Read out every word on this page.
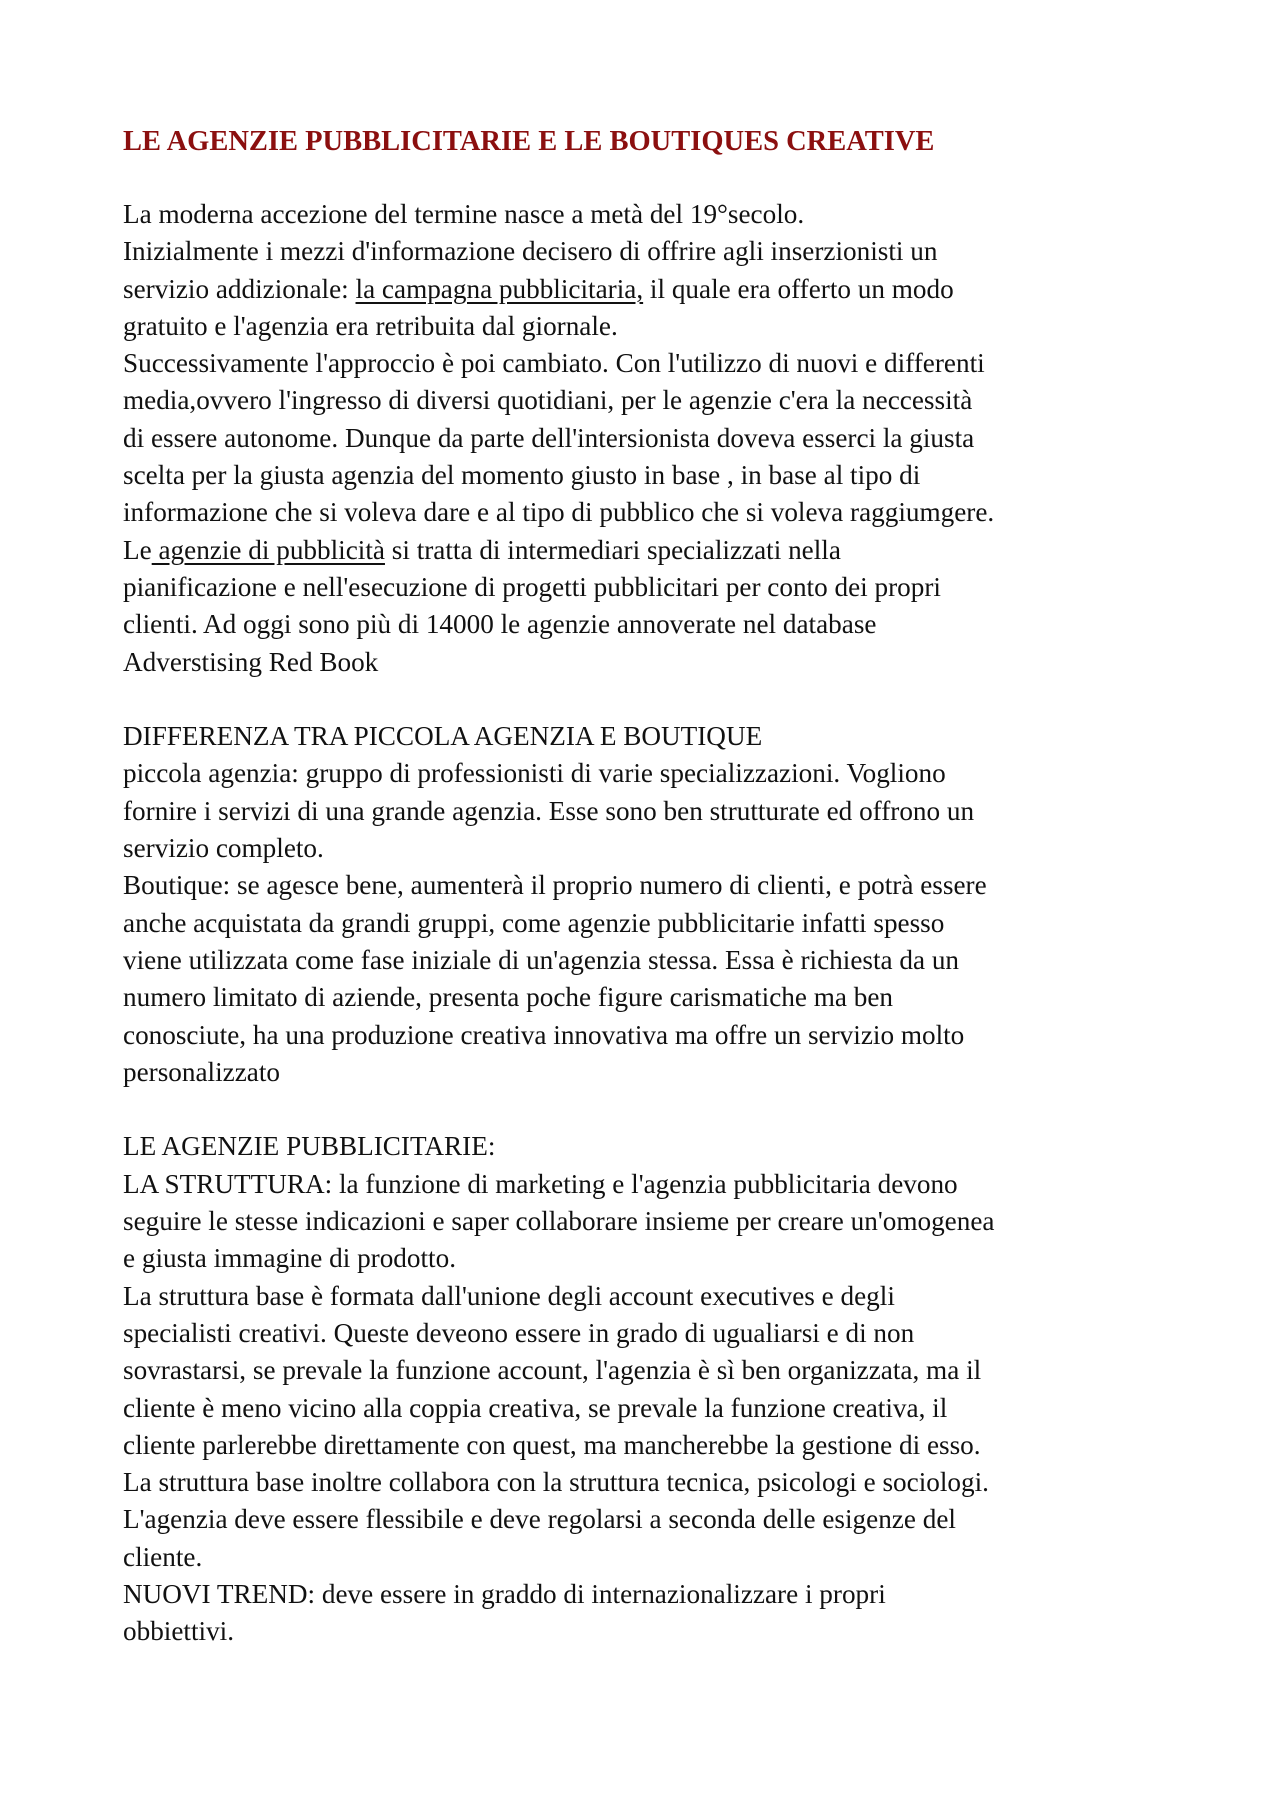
LE AGENZIE PUBBLICITARIE E LE BOUTIQUES CREATIVE

La moderna accezione del termine nasce a metà del 19°secolo.

Inizialmente i mezzi d'informazione decisero di offrire agli inserzionisti un

servizio addizionale: la campagna pubblicitaria, il quale era offerto un modo

gratuito e l'agenzia era retribuita dal giornale.

Successivamente l'approccio è poi cambiato. Con l'utilizzo di nuovi e differenti

media,ovvero l'ingresso di diversi quotidiani, per le agenzie c'era la neccessità

di essere autonome. Dunque da parte dell'intersionista doveva esserci la giusta

scelta per la giusta agenzia del momento giusto in base , in base al tipo di

informazione che si voleva dare e al tipo di pubblico che si voleva raggiumgere.

Le agenzie di pubblicità si tratta di intermediari specializzati nella

pianificazione e nell'esecuzione di progetti pubblicitari per conto dei propri

clienti. Ad oggi sono più di 14000 le agenzie annoverate nel database

Adverstising Red Book

DIFFERENZA TRA PICCOLA AGENZIA E BOUTIQUE

piccola agenzia: gruppo di professionisti di varie specializzazioni. Vogliono

fornire i servizi di una grande agenzia. Esse sono ben strutturate ed offrono un

servizio completo.

Boutique: se agesce bene, aumenterà il proprio numero di clienti, e potrà essere

anche acquistata da grandi gruppi, come agenzie pubblicitarie infatti spesso

viene utilizzata come fase iniziale di un'agenzia stessa. Essa è richiesta da un

numero limitato di aziende, presenta poche figure carismatiche ma ben

conosciute, ha una produzione creativa innovativa ma offre un servizio molto

personalizzato

LE AGENZIE PUBBLICITARIE:

LA STRUTTURA: la funzione di marketing e l'agenzia pubblicitaria devono

seguire le stesse indicazioni e saper collaborare insieme per creare un'omogenea

e giusta immagine di prodotto.

La struttura base è formata dall'unione degli account executives e degli

specialisti creativi. Queste deveono essere in grado di ugualiarsi e di non

sovrastarsi, se prevale la funzione account, l'agenzia è sì ben organizzata, ma il

cliente è meno vicino alla coppia creativa, se prevale la funzione creativa, il

cliente parlerebbe direttamente con quest, ma mancherebbe la gestione di esso.

La struttura base inoltre collabora con la struttura tecnica, psicologi e sociologi.

L'agenzia deve essere flessibile e deve regolarsi a seconda delle esigenze del

cliente.

NUOVI TREND: deve essere in graddo di internazionalizzare i propri

obbiettivi.
